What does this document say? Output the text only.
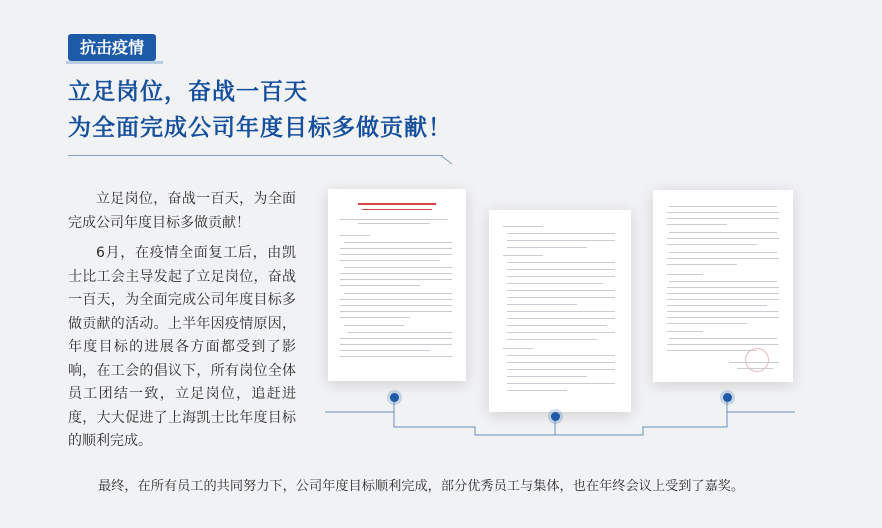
抗击疫情
立足岗位，奋战一百天
为全面完成公司年度目标多做贡献！

立足岗位，奋战一百天，为全面完成公司年度目标多做贡献！

6月，在疫情全面复工后，由凯士比工会主导发起了立足岗位，奋战一百天，为全面完成公司年度目标多做贡献的活动。上半年因疫情原因，年度目标的进展各方面都受到了影响，在工会的倡议下，所有岗位全体员工团结一致，立足岗位，追赶进度，大大促进了上海凯士比年度目标的顺利完成。

最终，在所有员工的共同努力下，公司年度目标顺利完成，部分优秀员工与集体，也在年终会议上受到了嘉奖。
